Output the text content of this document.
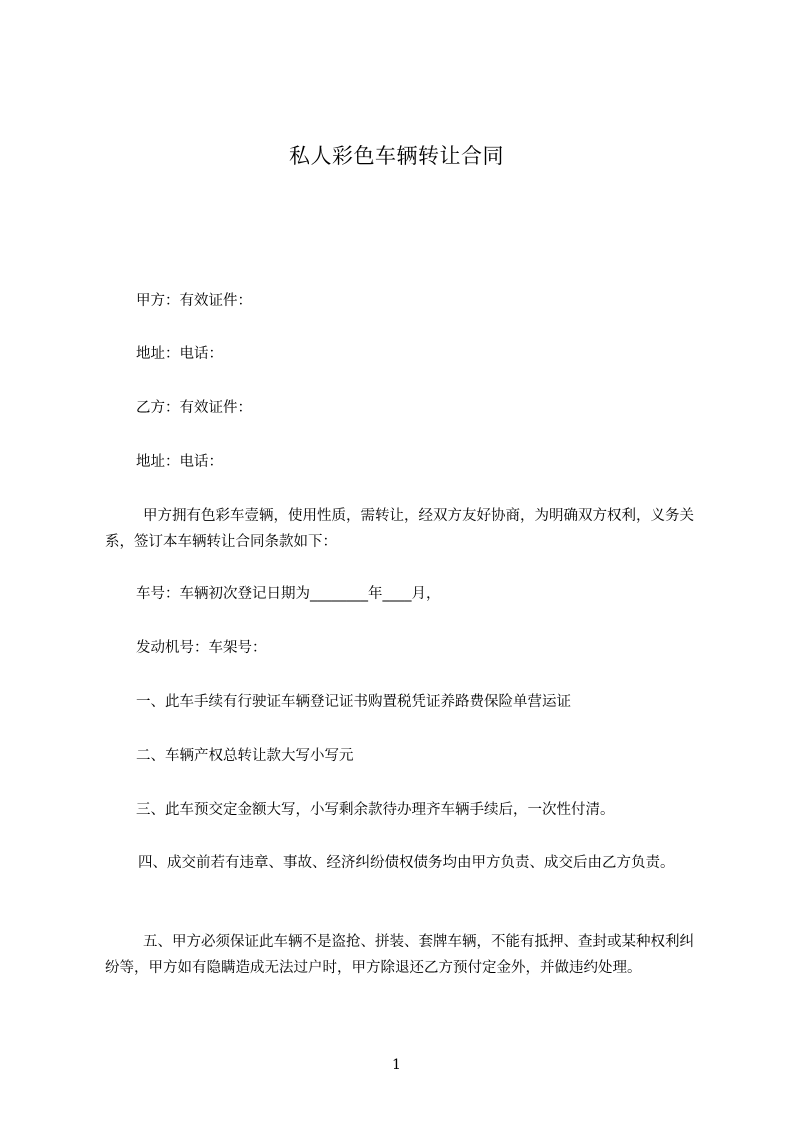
私人彩色车辆转让合同
甲方：有效证件：
地址：电话：
乙方：有效证件：
地址：电话：
甲方拥有色彩车壹辆，使用性质，需转让，经双方友好协商，为明确双方权利，义务关系，签订本车辆转让合同条款如下：
车号：车辆初次登记日期为________年____月，
发动机号：车架号：
一、此车手续有行驶证车辆登记证书购置税凭证养路费保险单营运证
二、车辆产权总转让款大写小写元
三、此车预交定金额大写，小写剩余款待办理齐车辆手续后，一次性付清。
四、成交前若有违章、事故、经济纠纷债权债务均由甲方负责、成交后由乙方负责。
五、甲方必须保证此车辆不是盗抢、拼装、套牌车辆，不能有抵押、查封或某种权利纠纷等，甲方如有隐瞒造成无法过户时，甲方除退还乙方预付定金外，并做违约处理。
1
